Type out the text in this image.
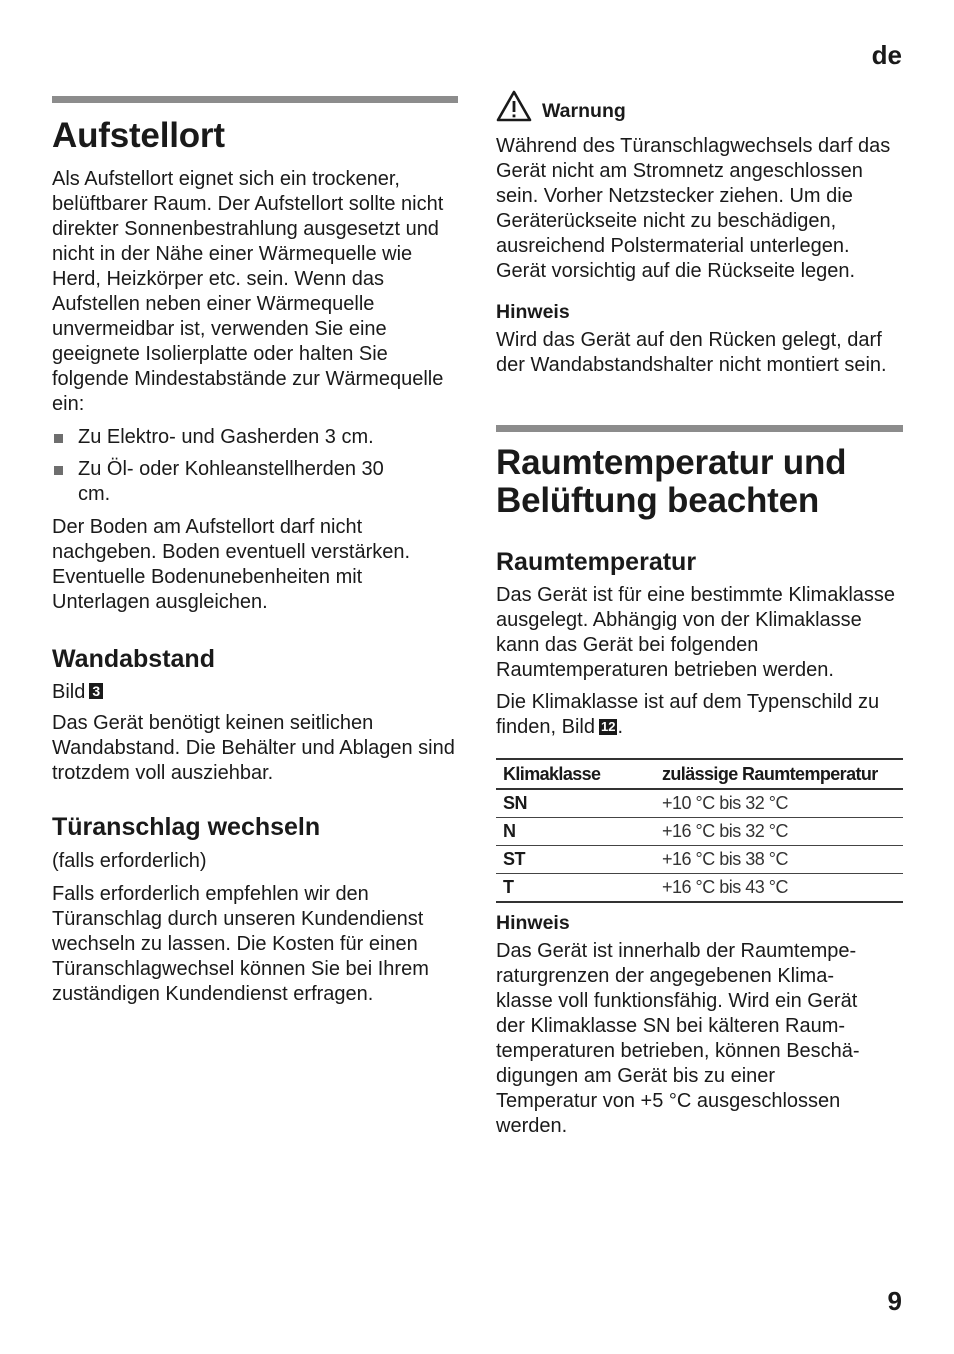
de
Aufstellort

Als Aufstellort eignet sich ein trockener, belüftbarer Raum. Der Aufstellort sollte nicht direkter Sonnenbestrahlung ausgesetzt und nicht in der Nähe einer Wärmequelle wie Herd, Heizkörper etc. sein. Wenn das Aufstellen neben einer Wärmequelle unvermeidbar ist, verwenden Sie eine geeignete Isolierplatte oder halten Sie folgende Mindestabstände zur Wärmequelle ein:

Zu Elektro- und Gasherden 3 cm.
Zu Öl- oder Kohleanstellherden 30 cm.

Der Boden am Aufstellort darf nicht nachgeben. Boden eventuell verstärken. Eventuelle Bodenunebenheiten mit Unterlagen ausgleichen.

Wandabstand

Bild 3

Das Gerät benötigt keinen seitlichen Wandabstand. Die Behälter und Ablagen sind trotzdem voll ausziehbar.

Türanschlag wechseln

(falls erforderlich)

Falls erforderlich empfehlen wir den Türanschlag durch unseren Kundendienst wechseln zu lassen. Die Kosten für einen Türanschlagwechsel können Sie bei Ihrem zuständigen Kundendienst erfragen.

Warnung

Während des Türanschlagwechsels darf das Gerät nicht am Stromnetz angeschlossen sein. Vorher Netzstecker ziehen. Um die Geräterückseite nicht zu beschädigen, ausreichend Polstermaterial unterlegen. Gerät vorsichtig auf die Rückseite legen.

Hinweis

Wird das Gerät auf den Rücken gelegt, darf der Wandabstandshalter nicht montiert sein.

Raumtemperatur und
Belüftung beachten
Raumtemperatur

Das Gerät ist für eine bestimmte Klimaklasse ausgelegt. Abhängig von der Klimaklasse kann das Gerät bei folgenden Raumtemperaturen betrieben werden.

Die Klimaklasse ist auf dem Typenschild zu finden, Bild 12 .

Klimaklasse	zulässige Raumtemperatur
SN	+10 °C bis 32 °C
N	+16 °C bis 32 °C
ST	+16 °C bis 38 °C
T	+16 °C bis 43 °C
Hinweis

Das Gerät ist innerhalb der Raumtempe-
raturgrenzen der angegebenen Klima-
klasse voll funktionsfähig. Wird ein Gerät
der Klimaklasse SN bei kälteren Raum-
temperaturen betrieben, können Beschä-
digungen am Gerät bis zu einer
Temperatur von +5 °C ausgeschlossen
werden.

9
